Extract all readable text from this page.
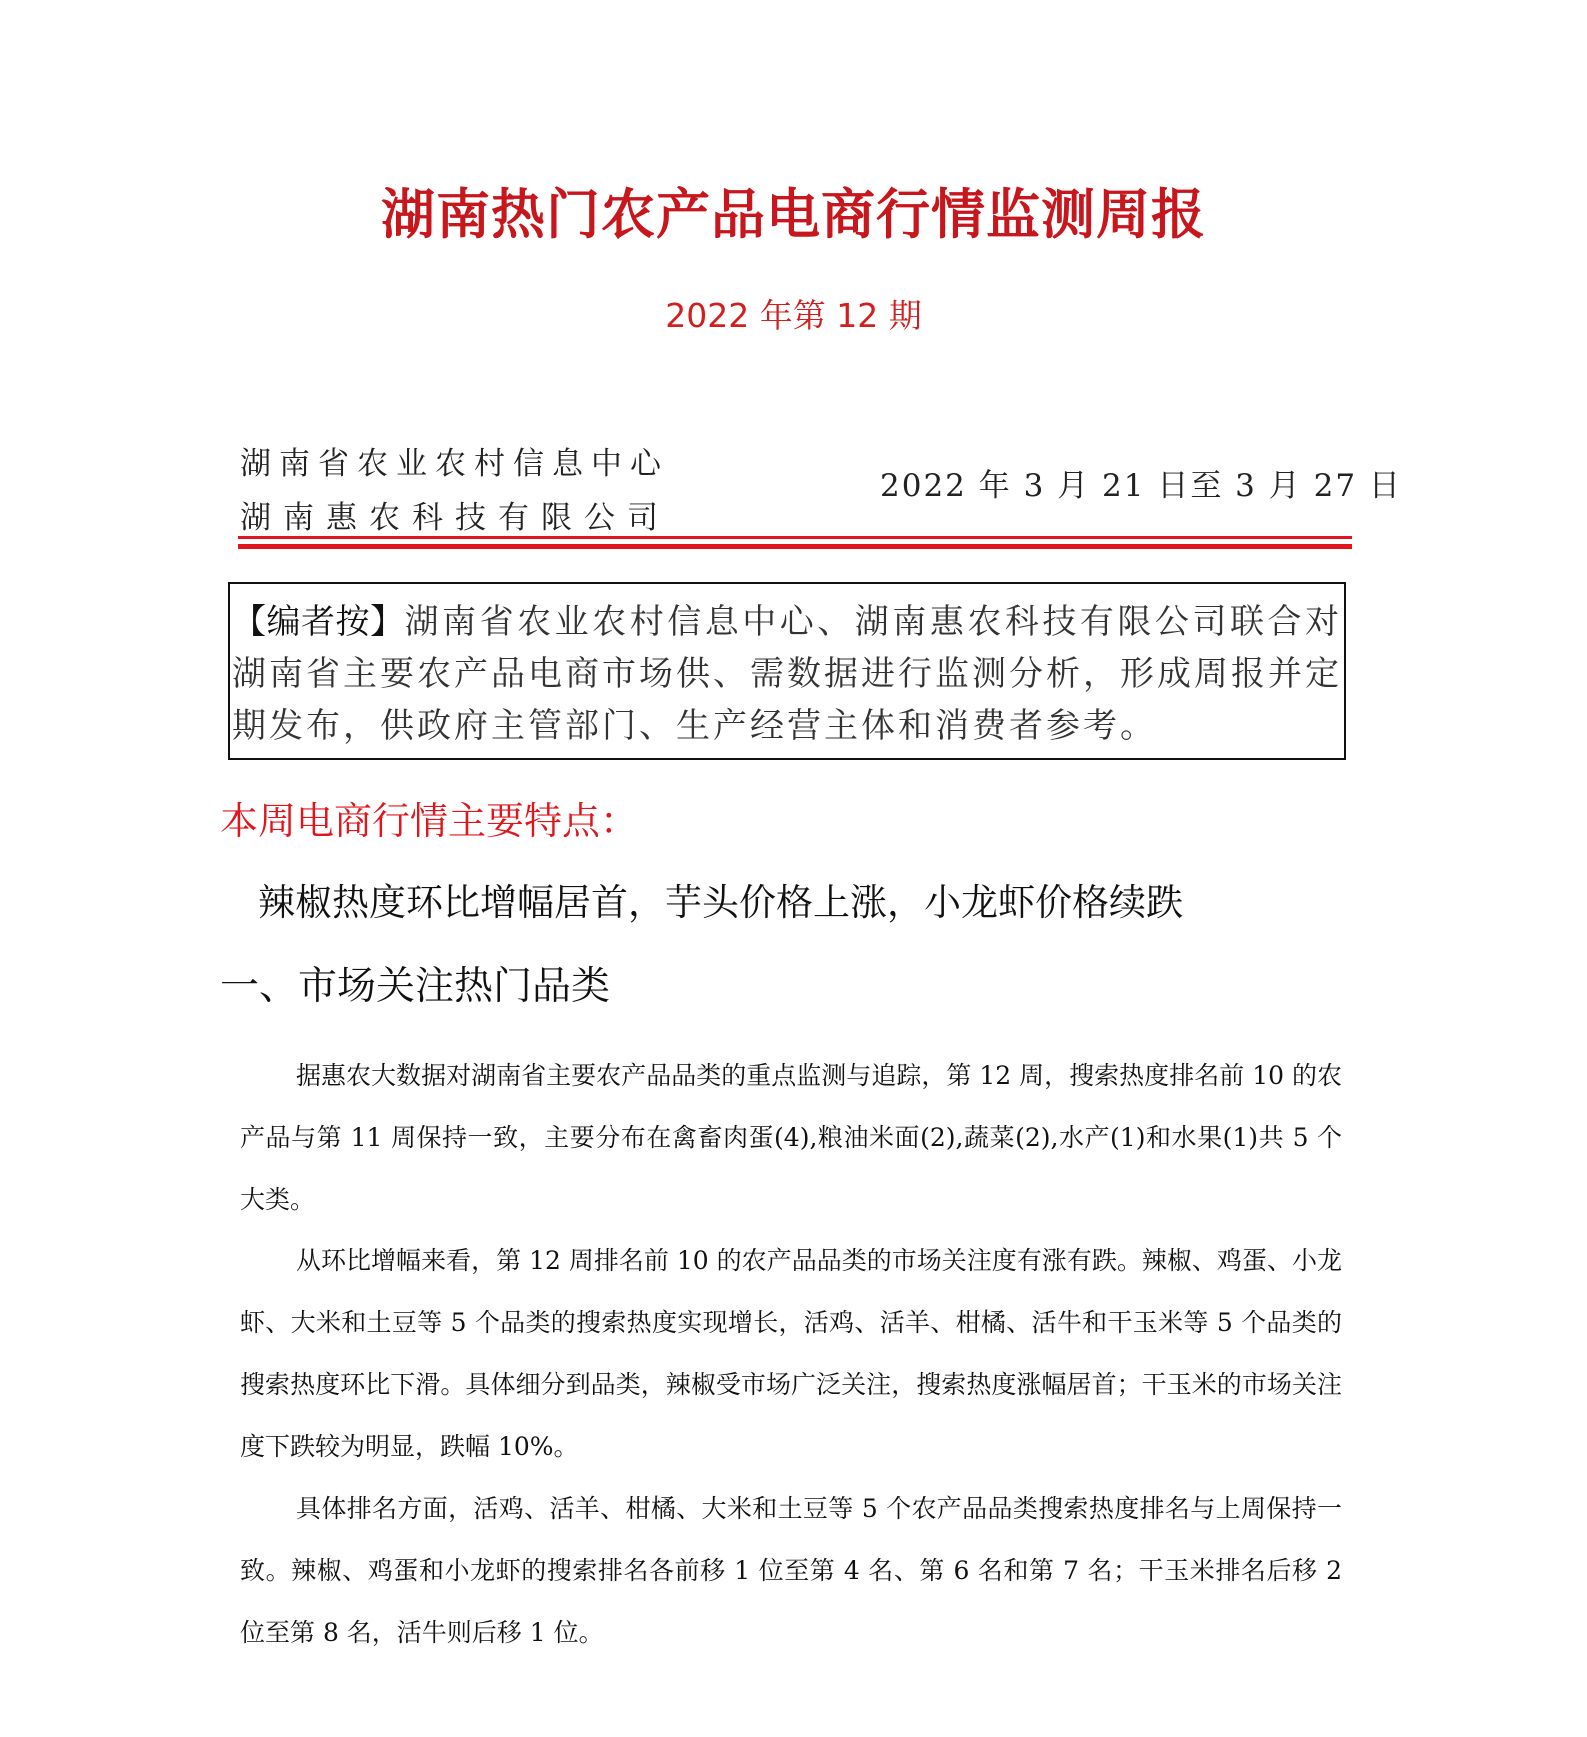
湖南热门农产品电商行情监测周报
2022 年第 12 期
湖南省农业农村信息中心
湖南惠农科技有限公司
2022 年 3 月 21 日至 3 月 27 日
【编者按】湖南省农业农村信息中心、湖南惠农科技有限公司联合对湖南省主要农产品电商市场供、需数据进行监测分析，形成周报并定期发布，供政府主管部门、生产经营主体和消费者参考。
本周电商行情主要特点：
辣椒热度环比增幅居首，芋头价格上涨，小龙虾价格续跌
一、市场关注热门品类

据惠农大数据对湖南省主要农产品品类的重点监测与追踪，第 12 周，搜索热度排名前 10 的农产品与第 11 周保持一致，主要分布在禽畜肉蛋(4),粮油米面(2),蔬菜(2),水产(1)和水果(1)共 5 个大类。

从环比增幅来看，第 12 周排名前 10 的农产品品类的市场关注度有涨有跌。辣椒、鸡蛋、小龙虾、大米和土豆等 5 个品类的搜索热度实现增长，活鸡、活羊、柑橘、活牛和干玉米等 5 个品类的搜索热度环比下滑。具体细分到品类，辣椒受市场广泛关注，搜索热度涨幅居首；干玉米的市场关注度下跌较为明显，跌幅 10%。

具体排名方面，活鸡、活羊、柑橘、大米和土豆等 5 个农产品品类搜索热度排名与上周保持一致。辣椒、鸡蛋和小龙虾的搜索排名各前移 1 位至第 4 名、第 6 名和第 7 名；干玉米排名后移 2 位至第 8 名，活牛则后移 1 位。
